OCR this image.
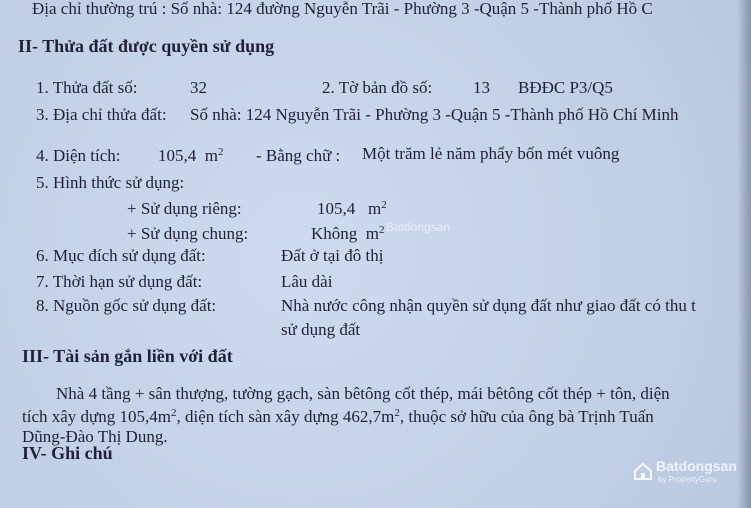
Địa chỉ thường trú : Số nhà: 124 đường Nguyễn Trãi - Phường 3 -Quận 5 -Thành phố Hồ C
II- Thửa đất được quyền sử dụng
1. Thửa đất số:	32	2. Tờ bản đồ số: 13 BĐĐC P3/Q5
3. Địa chỉ thửa đất: Số nhà: 124 Nguyễn Trãi - Phường 3 -Quận 5 -Thành phố Hồ Chí Minh
4. Diện tích: 105,4 $m^2$ - Bằng chữ : Một trăm lẻ năm phẩy bốn mét vuông
5. Hình thức sử dụng:
+ Sử dụng riêng:	105,4 $m^2$
+ Sử dụng chung:	Không $m^2$
6. Mục đích sử dụng đất:	Đất ở tại đô thị
7. Thời hạn sử dụng đất:	Lâu dài
8. Nguồn gốc sử dụng đất:	Nhà nước công nhận quyền sử dụng đất như giao đất có thu t
sử dụng đất
III- Tài sản gắn liền với đất
Nhà 4 tầng + sân thượng, tường gạch, sàn bêtông cốt thép, mái bêtông cốt thép + tôn, diện
tích xây dựng $105,4m^2$, diện tích sàn xây dựng $462,7m^2$, thuộc sở hữu của ông bà Trịnh Tuấn
Dũng-Đào Thị Dung.
IV- Ghi chú
Batdongsan
Batdongsan
by PropertyGuru
